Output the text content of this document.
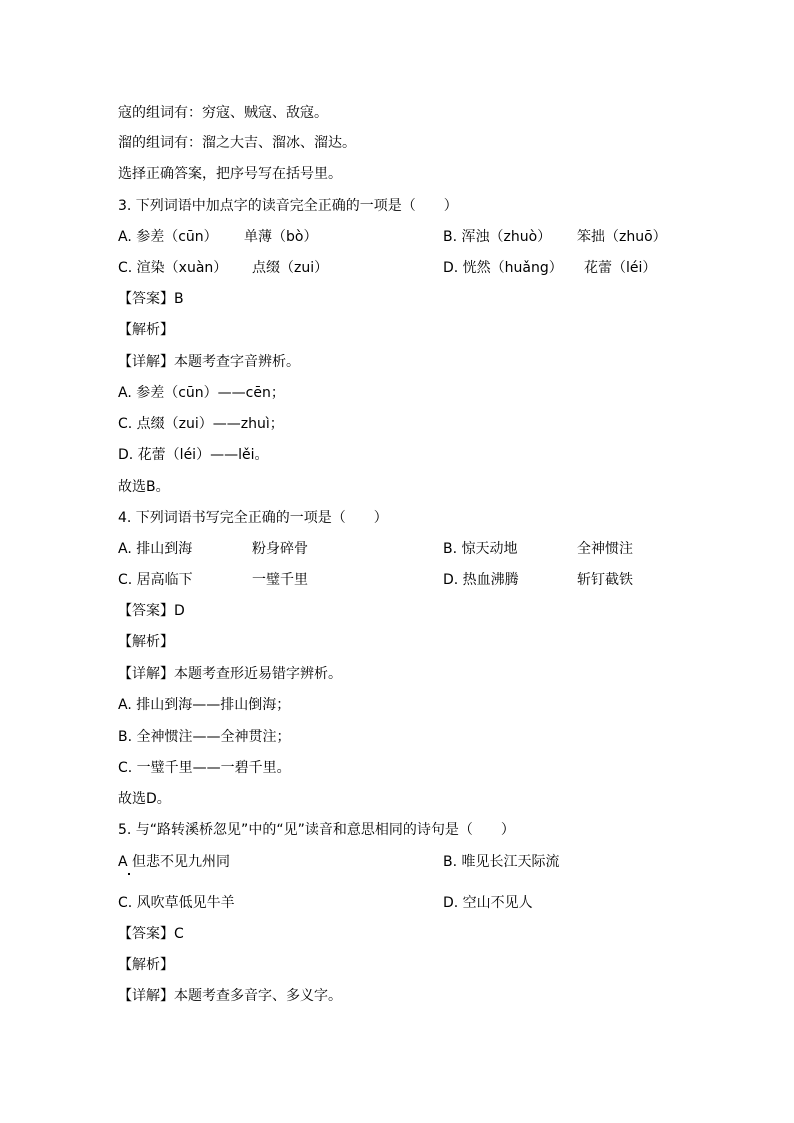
寇的组词有：穷寇、贼寇、敌寇。
溜的组词有：溜之大吉、溜冰、溜达。
选择正确答案，把序号写在括号里。
3. 下列词语中加点字的读音完全正确的一项是（　　）
A. 参差（cūn） 单薄（bò）	B. 浑浊（zhuò） 笨拙（zhuō）
C. 渲染（xuàn） 点缀（zui）	D. 恍然（huǎng） 花蕾（léi）
【答案】B
【解析】
【详解】本题考查字音辨析。
A. 参差（cūn）——cēn；
C. 点缀（zui）——zhuì；
D. 花蕾（léi）——lěi。
故选B。
4. 下列词语书写完全正确的一项是（　　）
A. 排山到海	粉身碎骨	B. 惊天动地	全神惯注
C. 居高临下	一璧千里	D. 热血沸腾	斩钉截铁
【答案】D
【解析】
【详解】本题考查形近易错字辨析。
A. 排山到海——排山倒海；
B. 全神惯注——全神贯注；
C. 一璧千里——一碧千里。
故选D。
5. 与“路转溪桥忽见”中的“见”读音和意思相同的诗句是（　　）
A 但悲不见九州同	B. 唯见长江天际流
C. 风吹草低见牛羊	D. 空山不见人
【答案】C
【解析】
【详解】本题考查多音字、多义字。
